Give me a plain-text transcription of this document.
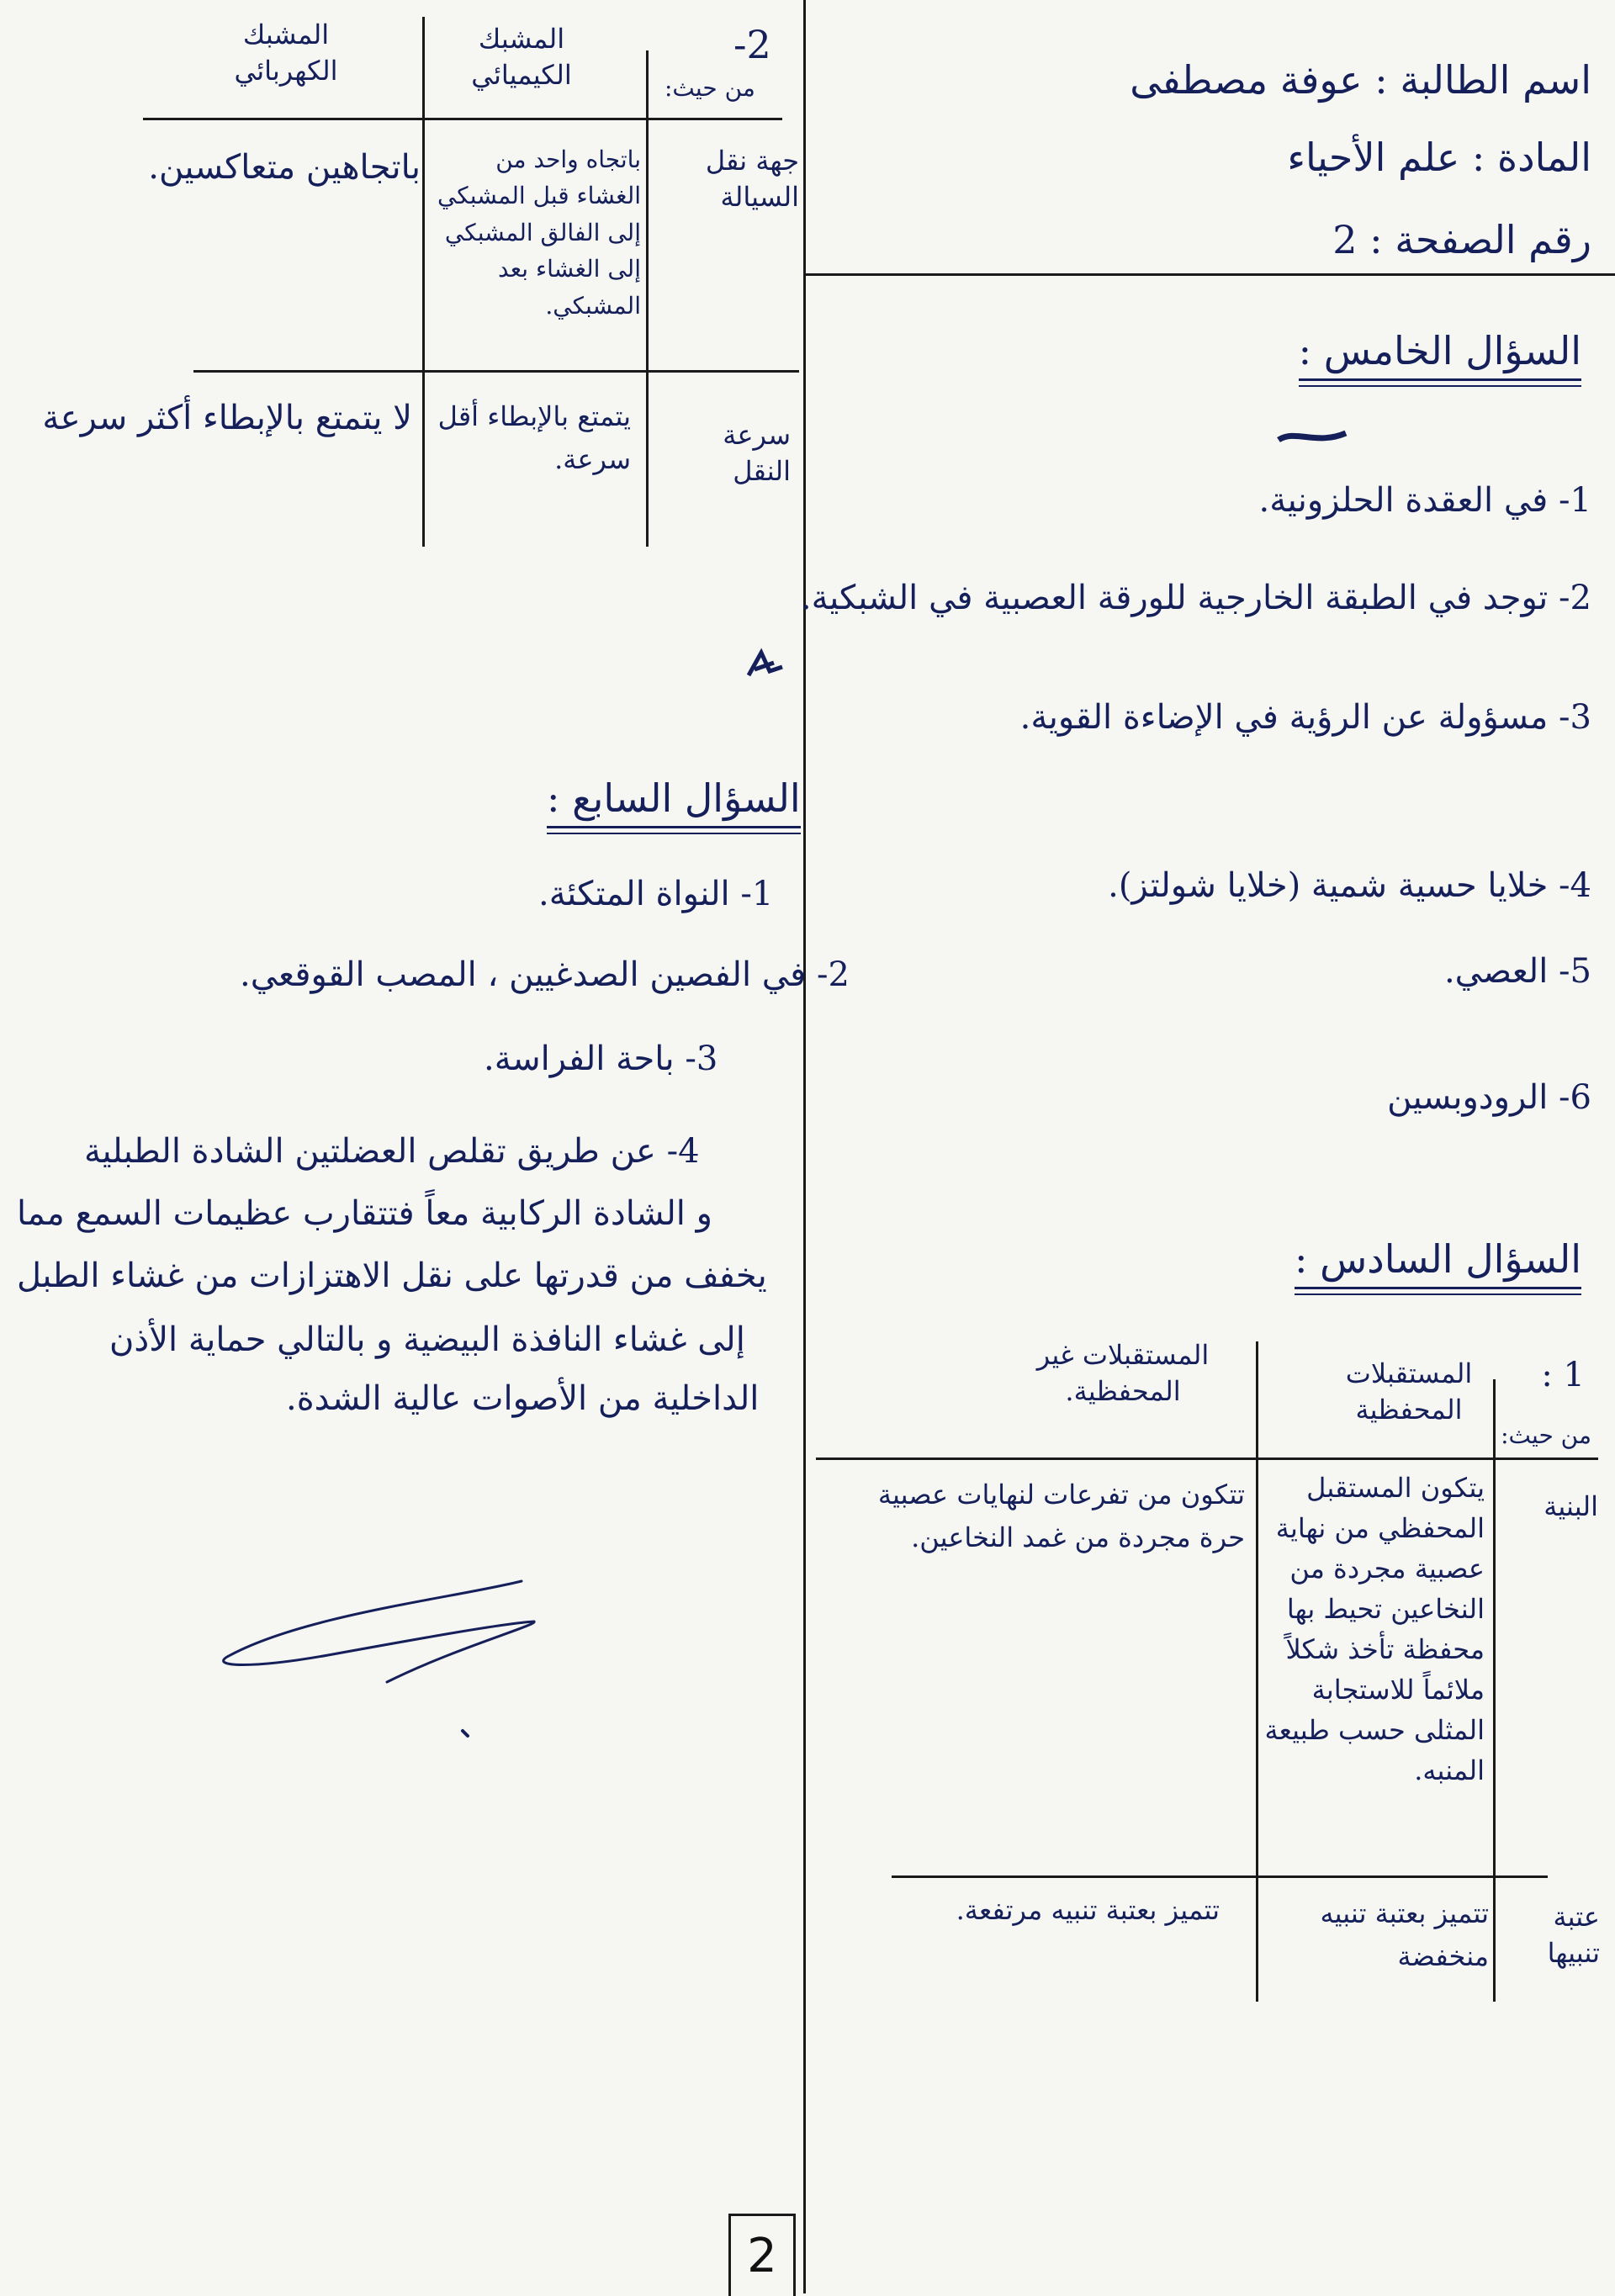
اسم الطالبة : عوفة مصطفى
المادة : علم الأحياء
رقم الصفحة : 2
السؤال الخامس :
1- في العقدة الحلزونية.
2- توجد في الطبقة الخارجية للورقة العصبية في الشبكية.
3- مسؤولة عن الرؤية في الإضاءة القوية.
4- خلايا حسية شمية (خلايا شولتز).
5- العصي.
6- الرودوبسين
السؤال السادس :
1 :
من حيث:
المستقبلات المحفظية
المستقبلات غير المحفظية.
البنية
يتكون المستقبل المحفظي من نهاية عصبية مجردة من النخاعين تحيط بها محفظة تأخذ شكلاً ملائماً للاستجابة المثلى حسب طبيعة المنبه.
تتكون من تفرعات لنهايات عصبية حرة مجردة من غمد النخاعين.
عتبة تنبيها
تتميز بعتبة تنبيه منخفضة
تتميز بعتبة تنبيه مرتفعة.
2-
من حيث:
المشبك الكيميائي
المشبك الكهربائي
جهة نقل السيالة
باتجاه واحد من الغشاء قبل المشبكي إلى الفالق المشبكي إلى الغشاء بعد المشبكي.
باتجاهين متعاكسين.
سرعة النقل
يتمتع بالإبطاء أقل سرعة.
لا يتمتع بالإبطاء أكثر سرعة
السؤال السابع :
1- النواة المتكئة.
2- في الفصين الصدغيين ، المصب القوقعي.
3- باحة الفراسة.
4- عن طريق تقلص العضلتين الشادة الطبلية
و الشادة الركابية معاً فتتقارب عظيمات السمع مما
يخفف من قدرتها على نقل الاهتزازات من غشاء الطبل
إلى غشاء النافذة البيضية و بالتالي حماية الأذن
الداخلية من الأصوات عالية الشدة.
2
